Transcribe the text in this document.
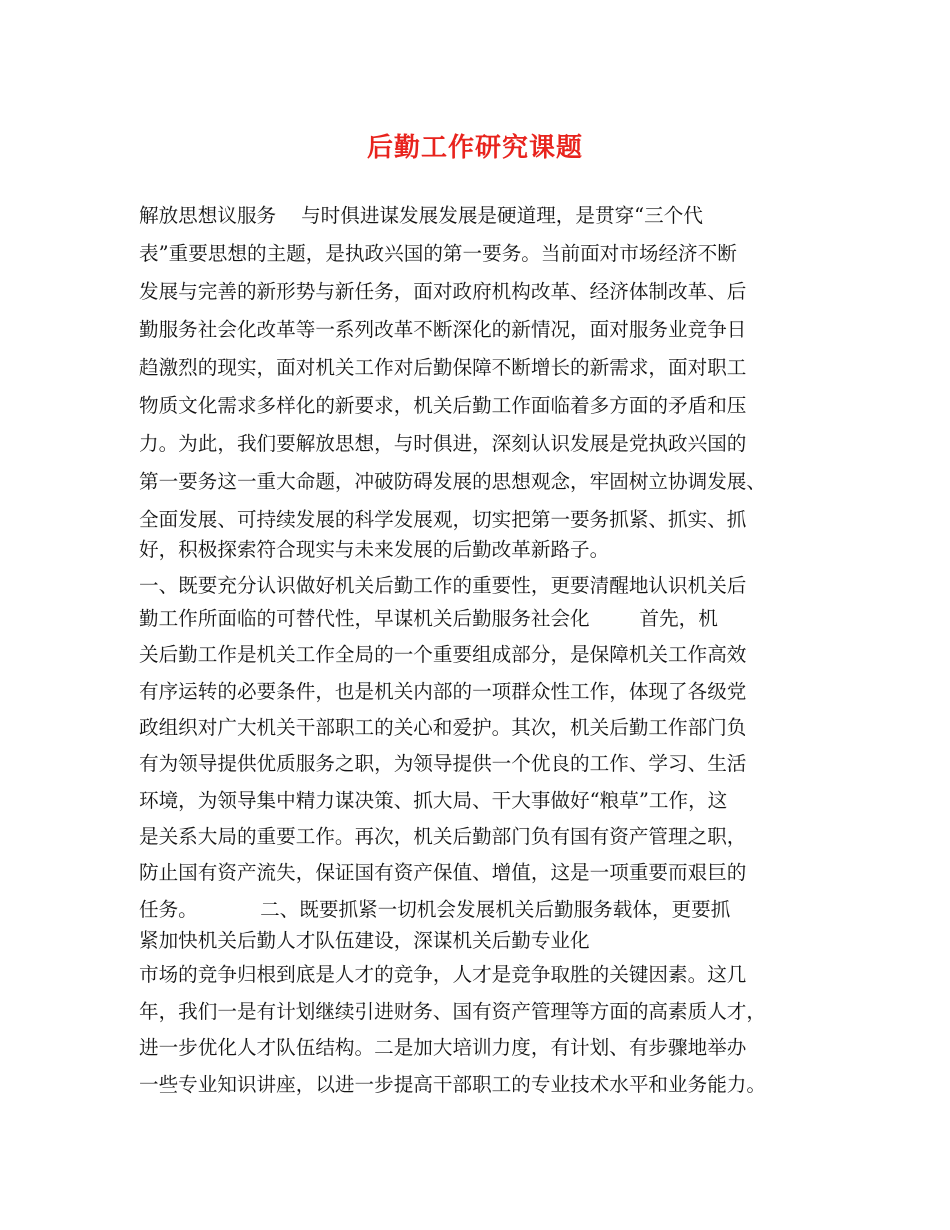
后勤工作研究课题

解放思想议服务    与时俱进谋发展发展是硬道理，是贯穿“三个代

表”重要思想的主题，是执政兴国的第一要务。当前面对市场经济不断

发展与完善的新形势与新任务，面对政府机构改革、经济体制改革、后

勤服务社会化改革等一系列改革不断深化的新情况，面对服务业竞争日

趋激烈的现实，面对机关工作对后勤保障不断增长的新需求，面对职工

物质文化需求多样化的新要求，机关后勤工作面临着多方面的矛盾和压

力。为此，我们要解放思想，与时俱进，深刻认识发展是党执政兴国的

第一要务这一重大命题，冲破防碍发展的思想观念，牢固树立协调发展、

全面发展、可持续发展的科学发展观，切实把第一要务抓紧、抓实、抓

好，积极探索符合现实与未来发展的后勤改革新路子。

一、既要充分认识做好机关后勤工作的重要性，更要清醒地认识机关后

勤工作所面临的可替代性，早谋机关后勤服务社会化        首先，机

关后勤工作是机关工作全局的一个重要组成部分，是保障机关工作高效

有序运转的必要条件，也是机关内部的一项群众性工作，体现了各级党

政组织对广大机关干部职工的关心和爱护。其次，机关后勤工作部门负

有为领导提供优质服务之职，为领导提供一个优良的工作、学习、生活

环境，为领导集中精力谋决策、抓大局、干大事做好“粮草”工作，这

是关系大局的重要工作。再次，机关后勤部门负有国有资产管理之职，

防止国有资产流失，保证国有资产保值、增值，这是一项重要而艰巨的

任务。          二、既要抓紧一切机会发展机关后勤服务载体，更要抓

紧加快机关后勤人才队伍建设，深谋机关后勤专业化

市场的竞争归根到底是人才的竞争，人才是竞争取胜的关键因素。这几

年，我们一是有计划继续引进财务、国有资产管理等方面的高素质人才，

进一步优化人才队伍结构。二是加大培训力度，有计划、有步骤地举办

一些专业知识讲座，以进一步提高干部职工的专业技术水平和业务能力。
